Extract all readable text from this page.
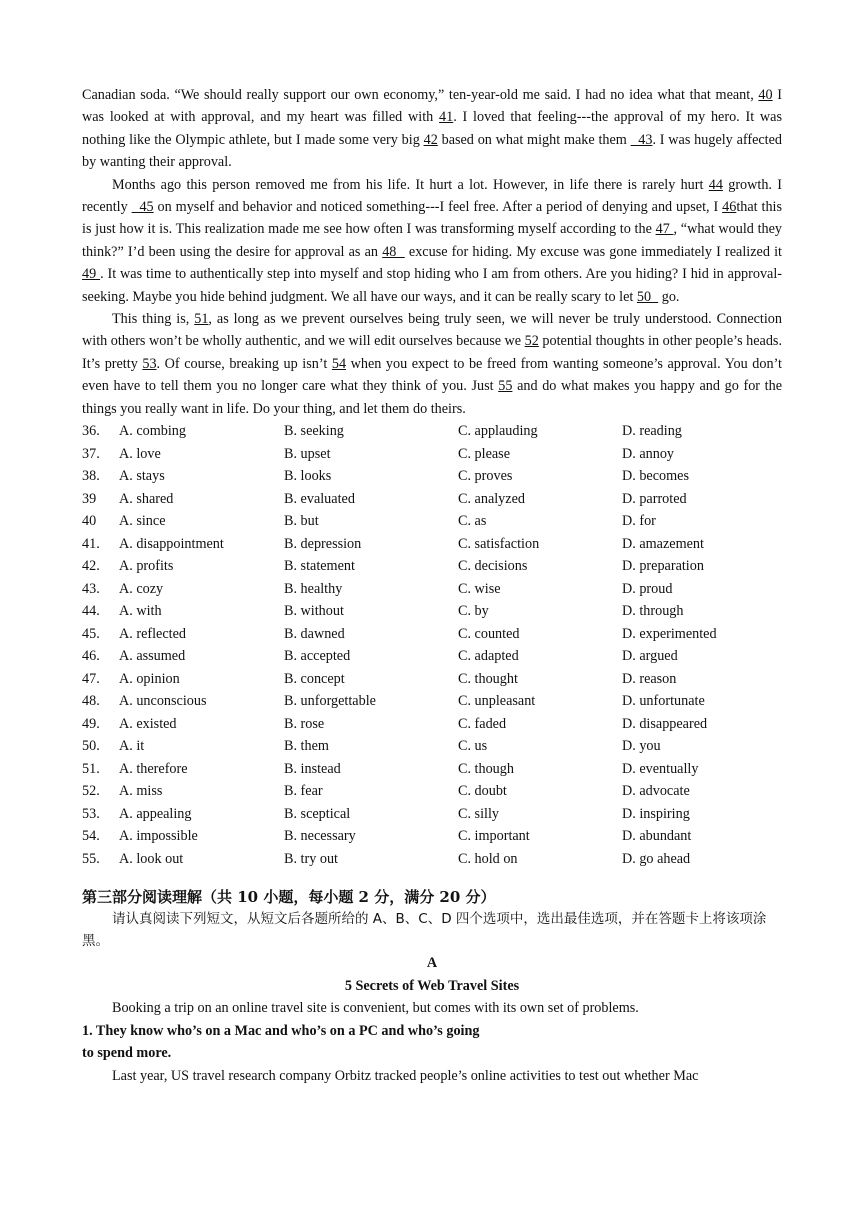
Canadian soda. “We should really support our own economy,” ten-year-old me said. I had no idea what that meant, 40 I was looked at with approval, and my heart was filled with 41. I loved that feeling---the approval of my hero. It was nothing like the Olympic athlete, but I made some very big 42 based on what might make them   43. I was hugely affected by wanting their approval.

Months ago this person removed me from his life. It hurt a lot. However, in life there is rarely hurt 44 growth. I recently   45 on myself and behavior and noticed something---I feel free. After a period of denying and upset, I 46that this is just how it is. This realization made me see how often I was transforming myself according to the 47 , “what would they think?” I’d been using the desire for approval as an 48   excuse for hiding. My excuse was gone immediately I realized it 49 . It was time to authentically step into myself and stop hiding who I am from others. Are you hiding? I hid in approval-seeking. Maybe you hide behind judgment. We all have our ways, and it can be really scary to let 50   go.

This thing is, 51, as long as we prevent ourselves being truly seen, we will never be truly understood. Connection with others won’t be wholly authentic, and we will edit ourselves because we 52 potential thoughts in other people’s heads. It’s pretty 53. Of course, breaking up isn’t 54 when you expect to be freed from wanting someone’s approval. You don’t even have to tell them you no longer care what they think of you. Just 55 and do what makes you happy and go for the things you really want in life. Do your thing, and let them do theirs.

36.	A. combing	B. seeking	C. applauding	D. reading
37.	A. love	B. upset	C. please	D. annoy
38.	A. stays	B. looks	C. proves	D. becomes
39	A. shared	B. evaluated	C. analyzed	D. parroted
40	A. since	B. but	C. as	D. for
41.	A. disappointment	B. depression	C. satisfaction	D. amazement
42.	A. profits	B. statement	C. decisions	D. preparation
43.	A. cozy	B. healthy	C. wise	D. proud
44.	A. with	B. without	C. by	D. through
45.	A. reflected	B. dawned	C. counted	D. experimented
46.	A. assumed	B. accepted	C. adapted	D. argued
47.	A. opinion	B. concept	C. thought	D. reason
48.	A. unconscious	B. unforgettable	C. unpleasant	D. unfortunate
49.	A. existed	B. rose	C. faded	D. disappeared
50.	A. it	B. them	C. us	D. you
51.	A. therefore	B. instead	C. though	D. eventually
52.	A. miss	B. fear	C. doubt	D. advocate
53.	A. appealing	B. sceptical	C. silly	D. inspiring
54.	A. impossible	B. necessary	C. important	D. abundant
55.	A. look out	B. try out	C. hold on	D. go ahead
第三部分阅读理解（共 10 小题，每小题 2 分，满分 20 分）

请认真阅读下列短文，从短文后各题所给的 A、B、C、D 四个选项中，选出最佳选项，并在答题卡上将该项涂黑。

A
5 Secrets of Web Travel Sites

Booking a trip on an online travel site is convenient, but comes with its own set of problems.

1. They know who’s on a Mac and who’s on a PC and who’s going
to spend more.

Last year, US travel research company Orbitz tracked people’s online activities to test out whether Mac
